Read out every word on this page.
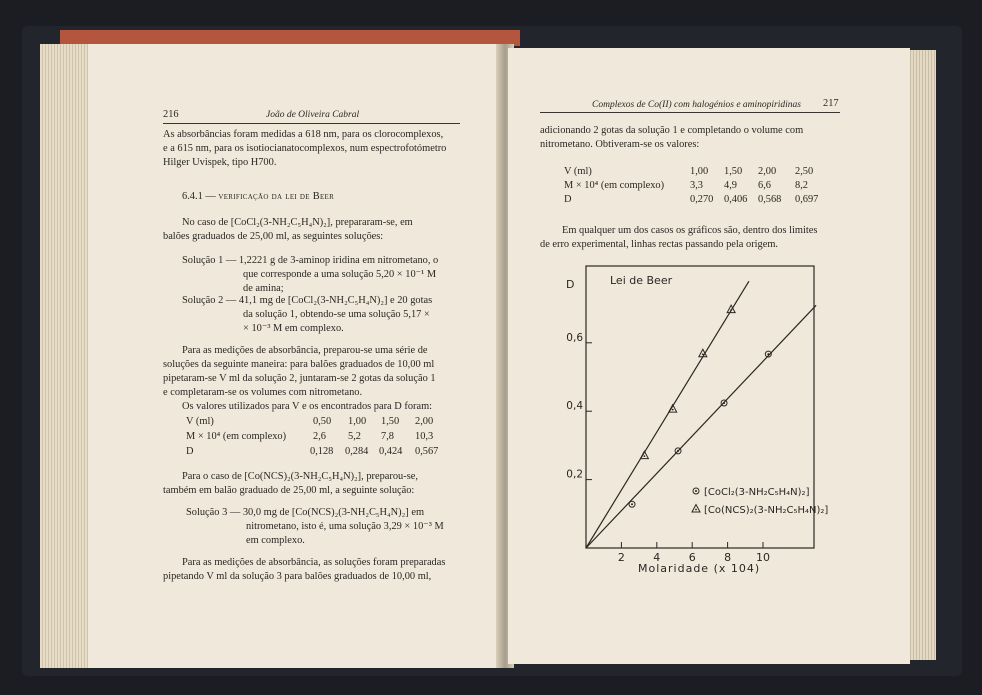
216	João de Oliveira Cabral
As absorbâncias foram medidas a 618 nm, para os clorocomplexos,
e a 615 nm, para os isotiocianatocomplexos, num espectrofotómetro
Hilger Uvispek, tipo H700.
6.4.1 — verificação da lei de Beer
No caso de [CoCl₂(3-NH₂C₅H₄N)₂], prepararam-se, em
balões graduados de 25,00 ml, as seguintes soluções:
Solução 1 — 1,2221 g de 3-aminop iridina em nitrometano, o
que corresponde a uma solução 5,20 × 10⁻¹ M
de amina;
Solução 2 — 41,1 mg de [CoCl₂(3-NH₂C₅H₄N)₂] e 20 gotas
da solução 1, obtendo-se uma solução 5,17 ×
× 10⁻³ M em complexo.
Para as medições de absorbância, preparou-se uma série de
soluções da seguinte maneira: para balões graduados de 10,00 ml
pipetaram-se V ml da solução 2, juntaram-se 2 gotas da solução 1
e completaram-se os volumes com nitrometano.
Os valores utilizados para V e os encontrados para D foram:
V (ml)	0,50 1,00 1,50 2,00
M × 10⁴ (em complexo)	2,6 5,2 7,8 10,3
D	0,128 0,284 0,424 0,567
Para o caso de [Co(NCS)₂(3-NH₂C₅H₄N)₂], preparou-se,
também em balão graduado de 25,00 ml, a seguinte solução:
Solução 3 — 30,0 mg de [Co(NCS)₂(3-NH₂C₅H₄N)₂] em
nitrometano, isto é, uma solução 3,29 × 10⁻³ M
em complexo.
Para as medições de absorbância, as soluções foram preparadas
pipetando V ml da solução 3 para balões graduados de 10,00 ml,
Complexos de Co(II) com halogénios e aminopiridinas 217
adicionando 2 gotas da solução 1 e completando o volume com
nitrometano. Obtiveram-se os valores:
V (ml)	1,00 1,50 2,00 2,50
M × 10⁴ (em complexo) 3,3 4,9 6,6 8,2
D	0,270 0,406 0,568 0,697
Em qualquer um dos casos os gráficos são, dentro dos limites
de erro experimental, linhas rectas passando pela origem.
Lei de Beer
D
Molaridade (x 104)
2	4	6	8 10
0,2
0,4
0,6
[CoCl₂(3-NH₂C₅H₄N)₂]
[Co(NCS)₂(3-NH₂C₅H₄N)₂]
